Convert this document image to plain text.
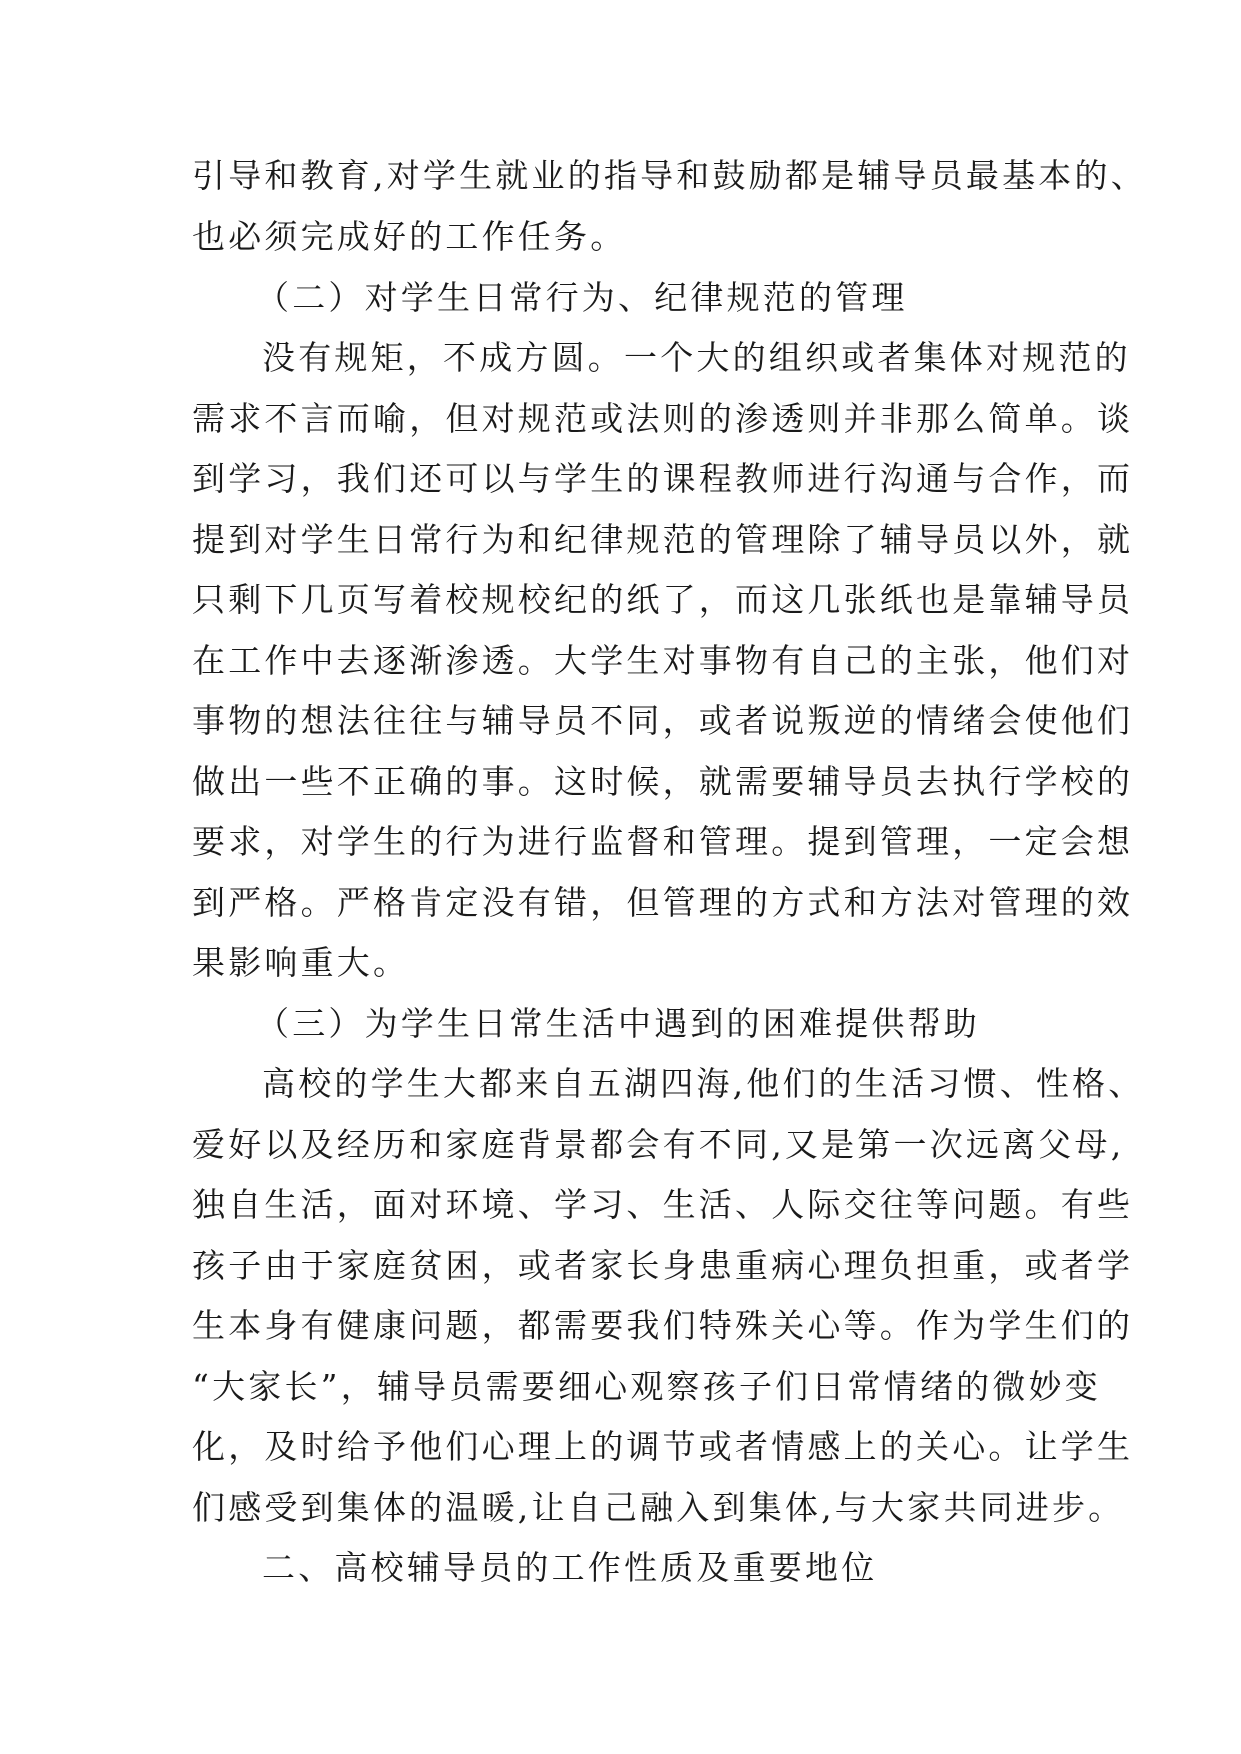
引导和教育,对学生就业的指导和鼓励都是辅导员最基本的、
也必须完成好的工作任务。
（二）对学生日常行为、纪律规范的管理
没有规矩，不成方圆。一个大的组织或者集体对规范的
需求不言而喻，但对规范或法则的渗透则并非那么简单。谈
到学习，我们还可以与学生的课程教师进行沟通与合作，而
提到对学生日常行为和纪律规范的管理除了辅导员以外，就
只剩下几页写着校规校纪的纸了，而这几张纸也是靠辅导员
在工作中去逐渐渗透。大学生对事物有自己的主张，他们对
事物的想法往往与辅导员不同，或者说叛逆的情绪会使他们
做出一些不正确的事。这时候，就需要辅导员去执行学校的
要求，对学生的行为进行监督和管理。提到管理，一定会想
到严格。严格肯定没有错，但管理的方式和方法对管理的效
果影响重大。
（三）为学生日常生活中遇到的困难提供帮助
高校的学生大都来自五湖四海,他们的生活习惯、性格、
爱好以及经历和家庭背景都会有不同,又是第一次远离父母,
独自生活，面对环境、学习、生活、人际交往等问题。有些
孩子由于家庭贫困，或者家长身患重病心理负担重，或者学
生本身有健康问题，都需要我们特殊关心等。作为学生们的
“大家长”，辅导员需要细心观察孩子们日常情绪的微妙变
化，及时给予他们心理上的调节或者情感上的关心。让学生
们感受到集体的温暖,让自己融入到集体,与大家共同进步。
二、高校辅导员的工作性质及重要地位
